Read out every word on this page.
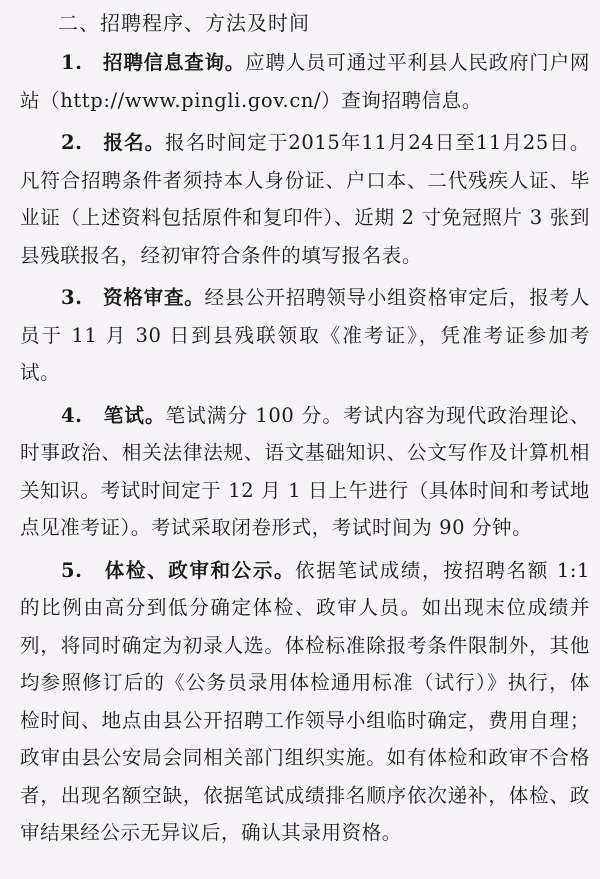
二、招聘程序、方法及时间

1.　招聘信息查询。应聘人员可通过平利县人民政府门户网站（http://www.pingli.gov.cn/）查询招聘信息。

2.　报名。报名时间定于2015年11月24日至11月25日。凡符合招聘条件者须持本人身份证、户口本、二代残疾人证、毕业证（上述资料包括原件和复印件）、近期 2 寸免冠照片 3 张到县残联报名，经初审符合条件的填写报名表。

3.　资格审查。经县公开招聘领导小组资格审定后，报考人员于 11 月 30 日到县残联领取《准考证》，凭准考证参加考试。

4.　笔试。笔试满分 100 分。考试内容为现代政治理论、时事政治、相关法律法规、语文基础知识、公文写作及计算机相关知识。考试时间定于 12 月 1 日上午进行（具体时间和考试地点见准考证）。考试采取闭卷形式，考试时间为 90 分钟。

5.　体检、政审和公示。依据笔试成绩，按招聘名额 1:1 的比例由高分到低分确定体检、政审人员。如出现末位成绩并列，将同时确定为初录人选。体检标准除报考条件限制外，其他均参照修订后的《公务员录用体检通用标准（试行）》执行，体检时间、地点由县公开招聘工作领导小组临时确定，费用自理；政审由县公安局会同相关部门组织实施。如有体检和政审不合格者，出现名额空缺，依据笔试成绩排名顺序依次递补，体检、政审结果经公示无异议后，确认其录用资格。
